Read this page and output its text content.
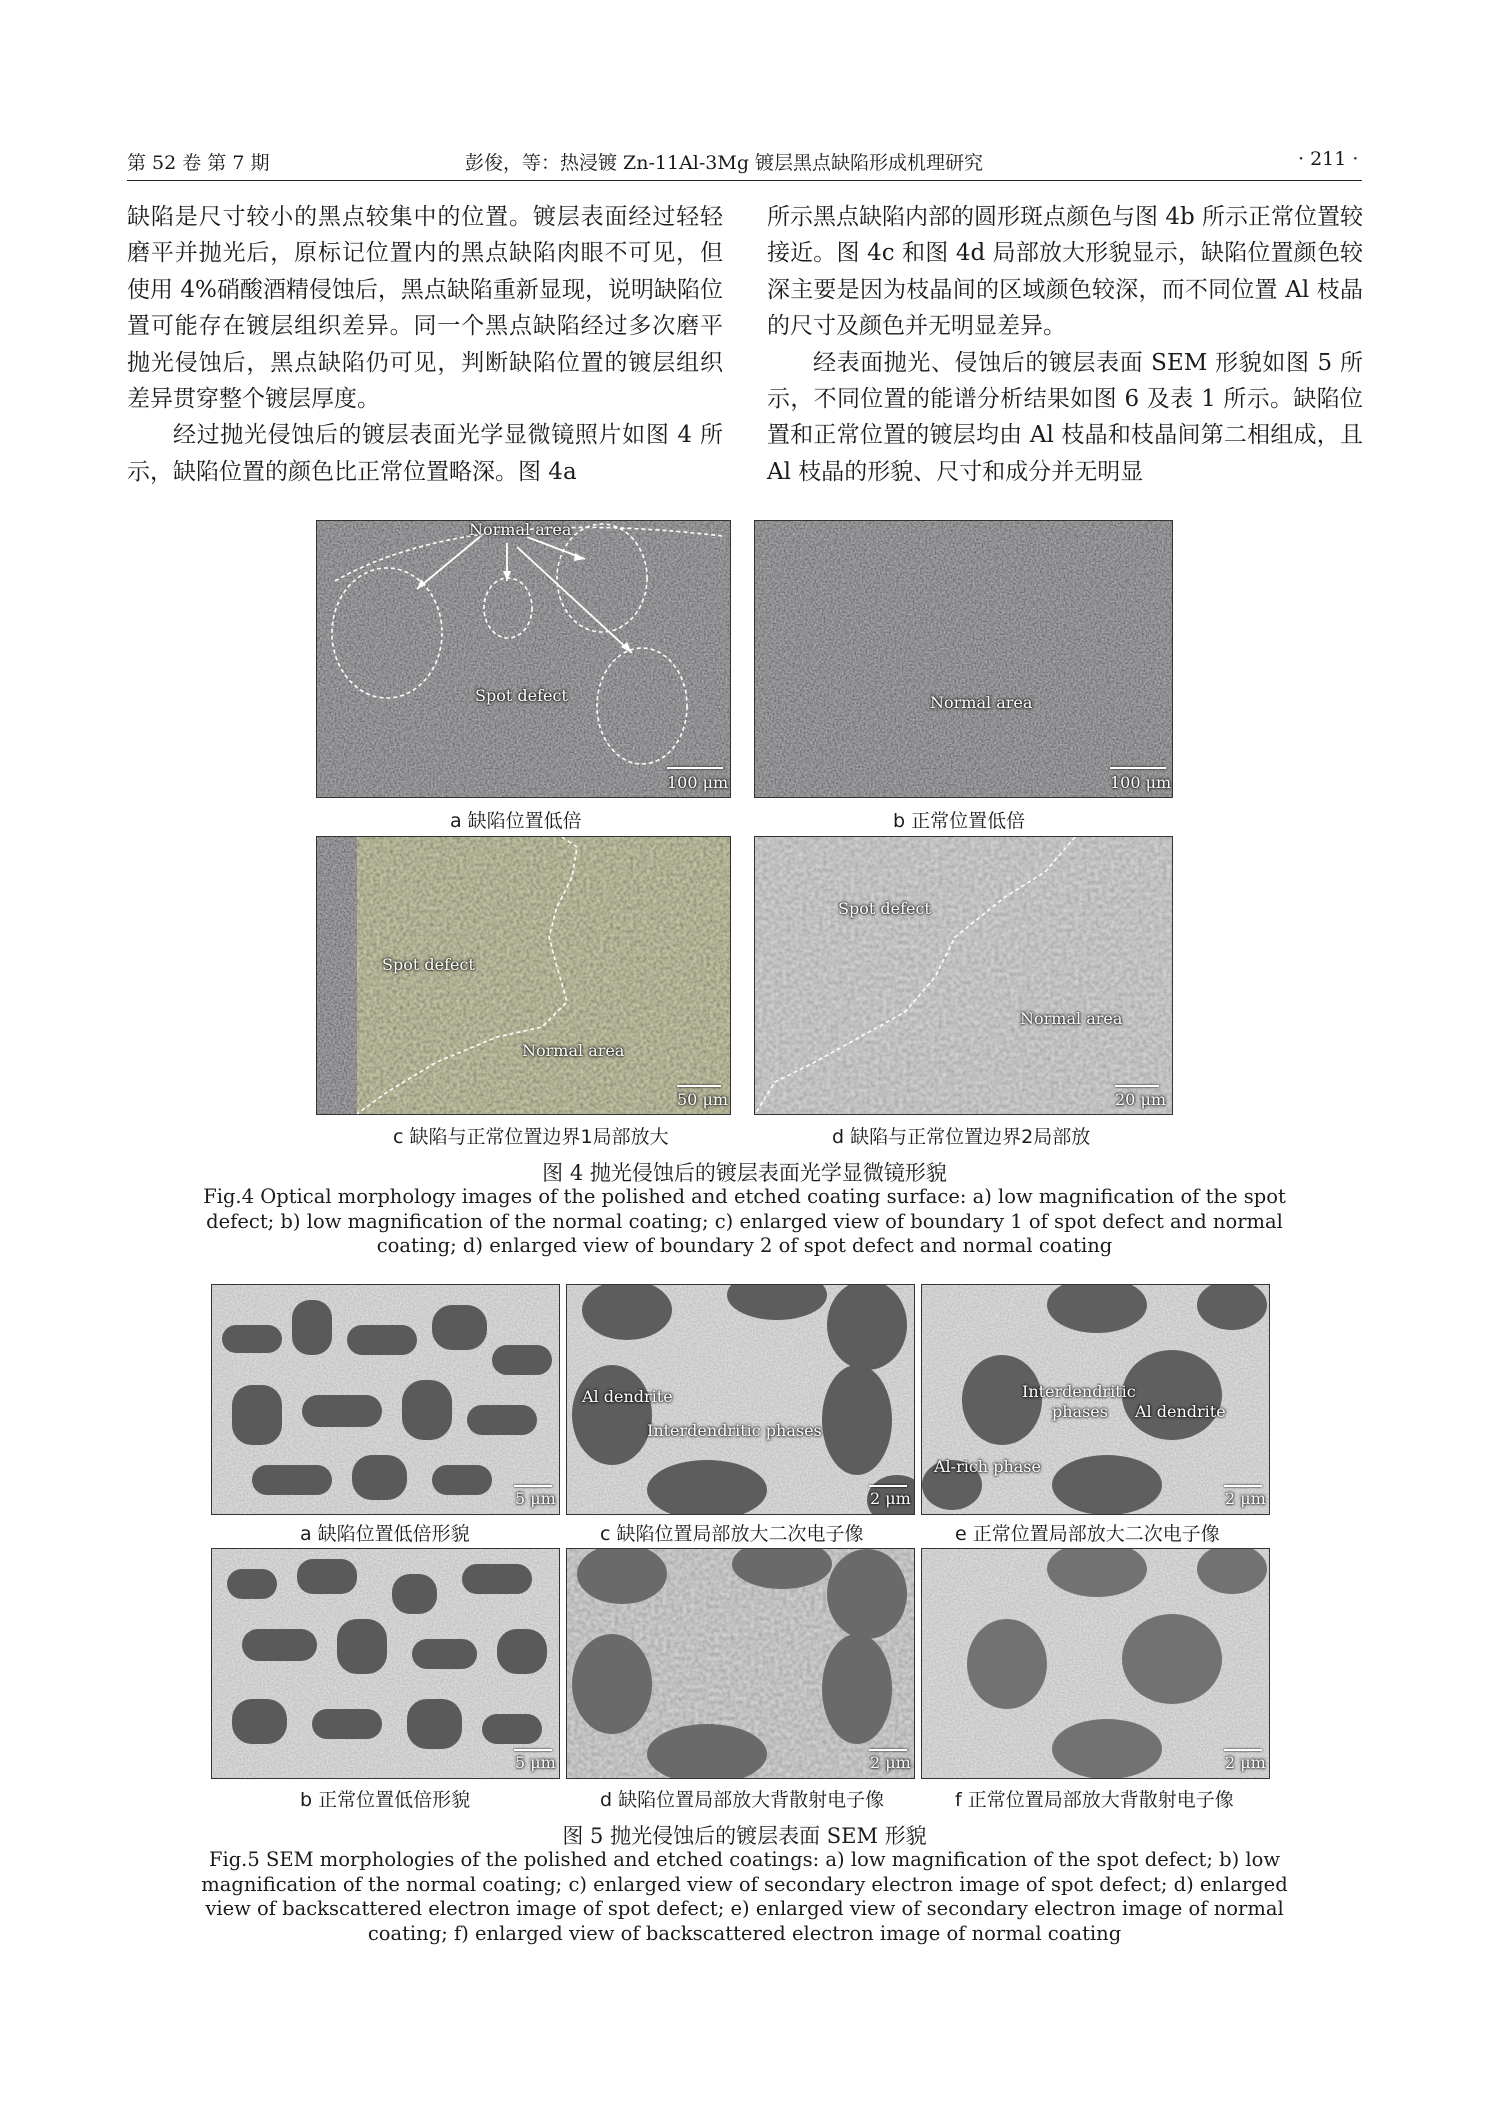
第 52 卷 第 7 期	彭俊，等：热浸镀 Zn-11Al-3Mg 镀层黑点缺陷形成机理研究	· 211 ·

缺陷是尺寸较小的黑点较集中的位置。镀层表面经过轻轻磨平并抛光后，原标记位置内的黑点缺陷肉眼不可见，但使用 4%硝酸酒精侵蚀后，黑点缺陷重新显现，说明缺陷位置可能存在镀层组织差异。同一个黑点缺陷经过多次磨平抛光侵蚀后，黑点缺陷仍可见，判断缺陷位置的镀层组织差异贯穿整个镀层厚度。

经过抛光侵蚀后的镀层表面光学显微镜照片如图 4 所示，缺陷位置的颜色比正常位置略深。图 4a

所示黑点缺陷内部的圆形斑点颜色与图 4b 所示正常位置较接近。图 4c 和图 4d 局部放大形貌显示，缺陷位置颜色较深主要是因为枝晶间的区域颜色较深，而不同位置 Al 枝晶的尺寸及颜色并无明显差异。

经表面抛光、侵蚀后的镀层表面 SEM 形貌如图 5 所示，不同位置的能谱分析结果如图 6 及表 1 所示。缺陷位置和正常位置的镀层均由 Al 枝晶和枝晶间第二相组成，且 Al 枝晶的形貌、尺寸和成分并无明显

Normal area
Spot defect
100 μm
Normal area
100 μm
a 缺陷位置低倍	b 正常位置低倍
Spot defect
Normal area
50 μm
Spot defect
Normal area
20 μm
c 缺陷与正常位置边界1局部放大	d 缺陷与正常位置边界2局部放
图 4 抛光侵蚀后的镀层表面光学显微镜形貌
Fig.4 Optical morphology images of the polished and etched coating surface: a) low magnification of the spot defect; b) low magnification of the normal coating; c) enlarged view of boundary 1 of spot defect and normal coating; d) enlarged view of boundary 2 of spot defect and normal coating
5 μm
Al dendrite
Interdendritic phases
2 μm
Interdendritic
phases Al dendrite
Al-rich phase
2 μm
a 缺陷位置低倍形貌	c 缺陷位置局部放大二次电子像	e 正常位置局部放大二次电子像
5 μm	2 μm	2 μm
b 正常位置低倍形貌	d 缺陷位置局部放大背散射电子像	f 正常位置局部放大背散射电子像
图 5 抛光侵蚀后的镀层表面 SEM 形貌
Fig.5 SEM morphologies of the polished and etched coatings: a) low magnification of the spot defect; b) low magnification of the normal coating; c) enlarged view of secondary electron image of spot defect; d) enlarged view of backscattered electron image of spot defect; e) enlarged view of secondary electron image of normal coating; f) enlarged view of backscattered electron image of normal coating
